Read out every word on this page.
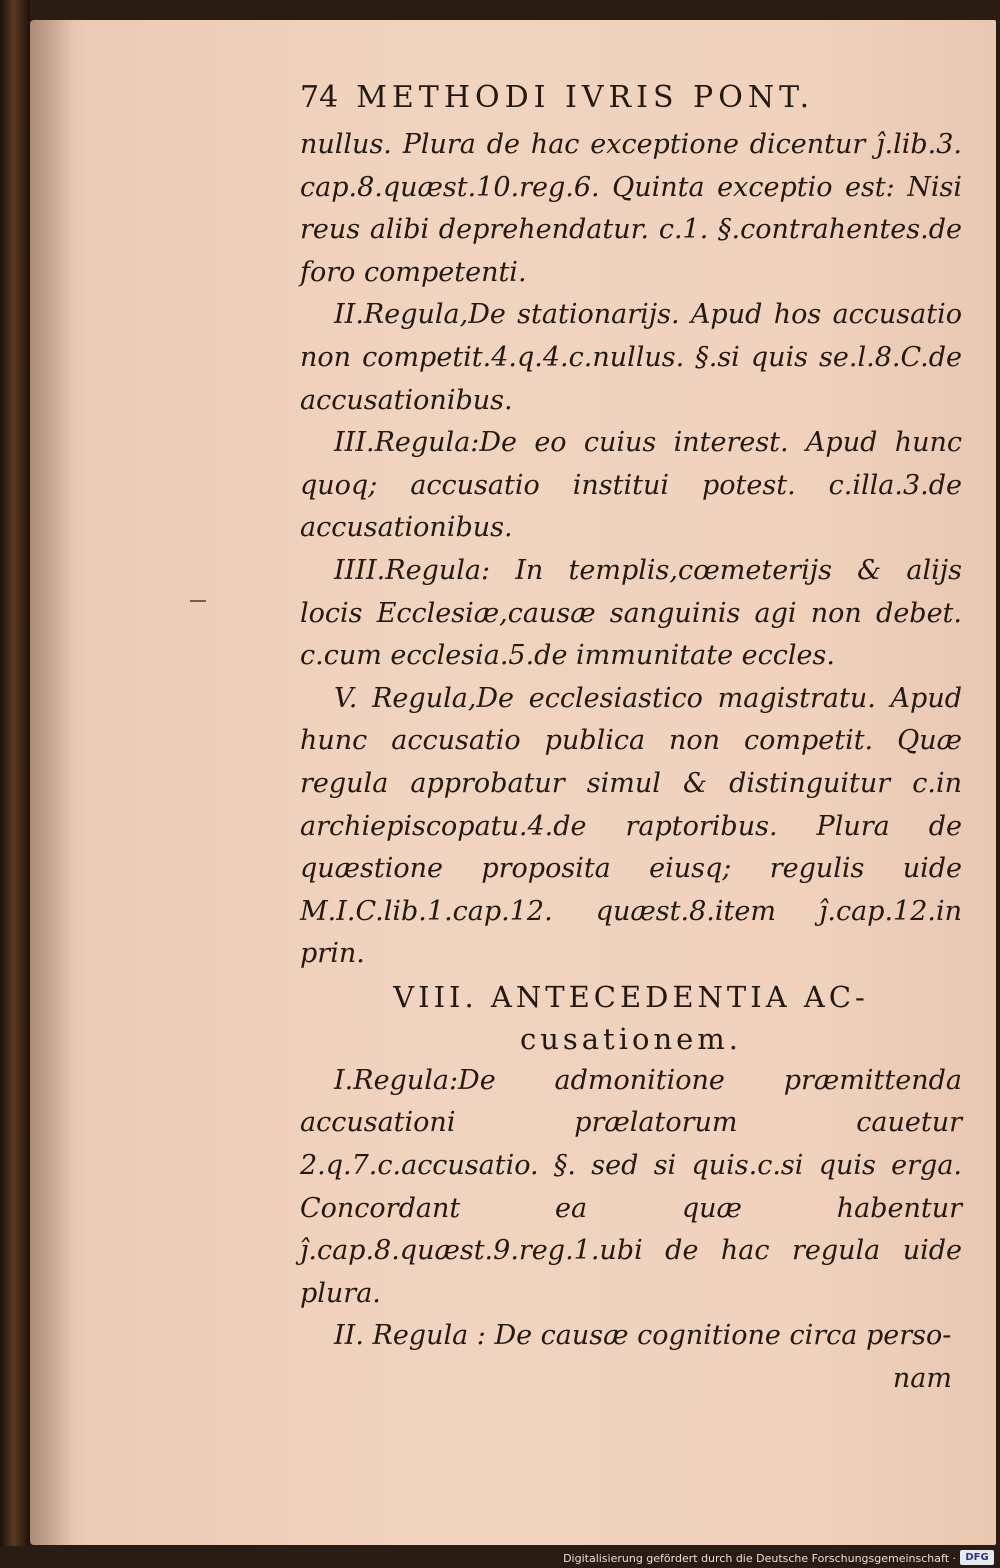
74 METHODI IVRIS PONT.

nullus. Plura de hac exceptione dicentur ĵ.lib.3. cap.8.quæst.10.reg.6. Quinta exceptio est: Nisi reus alibi deprehendatur. c.1. §.contrahentes.de foro competenti.

II.Regula,De stationarijs. Apud hos accusatio non competit.4.q.4.c.nullus. §.si quis se.l.8.C.de accusationibus.

III.Regula:De eo cuius interest. Apud hunc quoq; accusatio institui potest. c.illa.3.de accusationibus.

IIII.Regula: In templis,cœmeterijs & alijs locis Ecclesiæ,causæ sanguinis agi non debet. c.cum ecclesia.5.de immunitate eccles.

V. Regula,De ecclesiastico magistratu. Apud hunc accusatio publica non competit. Quæ regula approbatur simul & distinguitur c.in archiepiscopatu.4.de raptoribus. Plura de quæstione proposita eiusq; regulis uide M.I.C.lib.1.cap.12. quæst.8.item ĵ.cap.12.in prin.

VIII. ANTECEDENTIA AC-

cusationem.

I.Regula:De admonitione præmittenda accusationi prælatorum cauetur 2.q.7.c.accusatio. §. sed si quis.c.si quis erga. Concordant ea quæ habentur ĵ.cap.8.quæst.9.reg.1.ubi de hac regula uide plura.

II. Regula : De causæ cognitione circa perso-

nam

Digitalisierung gefördert durch die Deutsche Forschungsgemeinschaft · DFG
